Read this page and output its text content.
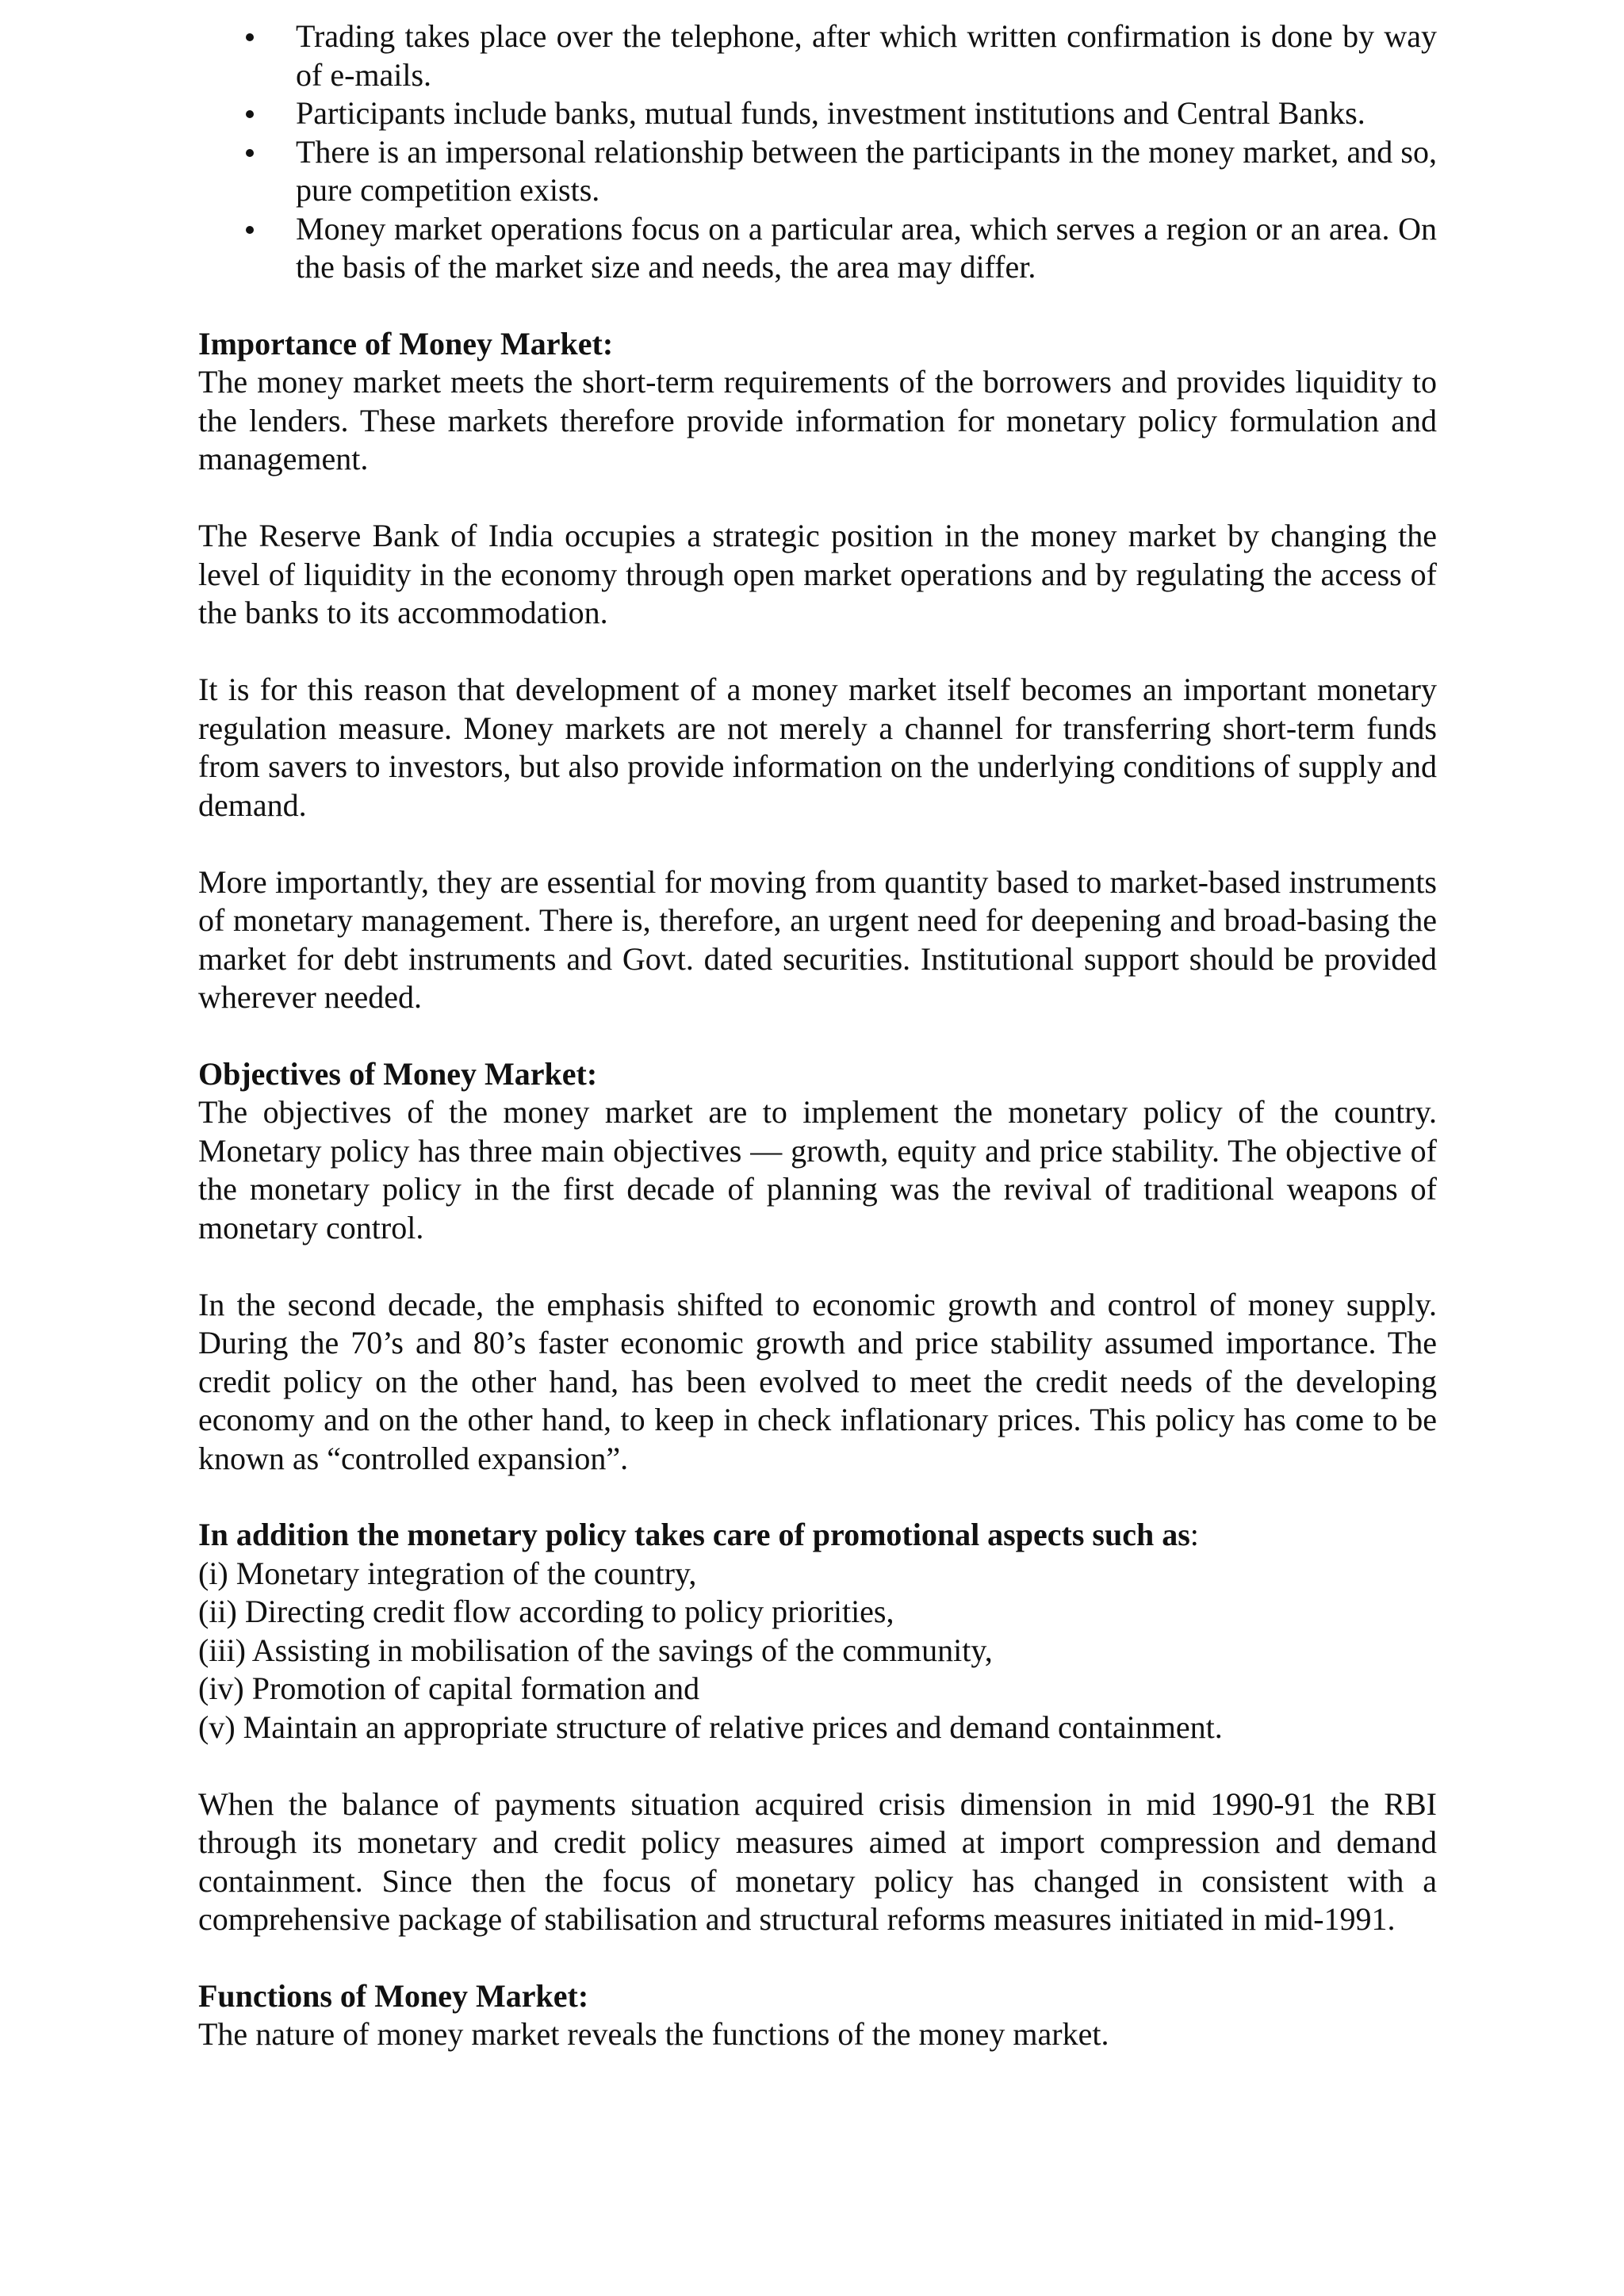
Trading takes place over the telephone, after which written confirmation is done by way of e-mails.
Participants include banks, mutual funds, investment institutions and Central Banks.
There is an impersonal relationship between the participants in the money market, and so, pure competition exists.
Money market operations focus on a particular area, which serves a region or an area. On the basis of the market size and needs, the area may differ.

Importance of Money Market:

The money market meets the short-term requirements of the borrowers and provides liquidity to the lenders. These markets therefore provide information for monetary policy formulation and management.

The Reserve Bank of India occupies a strategic position in the money market by changing the level of liquidity in the economy through open market operations and by regulating the access of the banks to its accommodation.

It is for this reason that development of a money market itself becomes an important monetary regulation measure. Money markets are not merely a channel for transferring short-term funds from savers to investors, but also provide information on the underlying conditions of supply and demand.

More importantly, they are essential for moving from quantity based to market-based instruments of monetary management. There is, therefore, an urgent need for deepening and broad-basing the market for debt instruments and Govt. dated securities. Institutional support should be provided wherever needed.

Objectives of Money Market:

The objectives of the money market are to implement the monetary policy of the country. Monetary policy has three main objectives — growth, equity and price stability. The objective of the monetary policy in the first decade of planning was the revival of traditional weapons of monetary control.

In the second decade, the emphasis shifted to economic growth and control of money supply. During the 70’s and 80’s faster economic growth and price stability assumed importance. The credit policy on the other hand, has been evolved to meet the credit needs of the developing economy and on the other hand, to keep in check inflationary prices. This policy has come to be known as “controlled expansion”.

In addition the monetary policy takes care of promotional aspects such as:

(i) Monetary integration of the country,

(ii) Directing credit flow according to policy priorities,

(iii) Assisting in mobilisation of the savings of the community,

(iv) Promotion of capital formation and

(v) Maintain an appropriate structure of relative prices and demand containment.

When the balance of payments situation acquired crisis dimension in mid 1990-91 the RBI through its monetary and credit policy measures aimed at import compression and demand containment. Since then the focus of monetary policy has changed in consistent with a comprehensive package of stabilisation and structural reforms measures initiated in mid-1991.

Functions of Money Market:

The nature of money market reveals the functions of the money market.
